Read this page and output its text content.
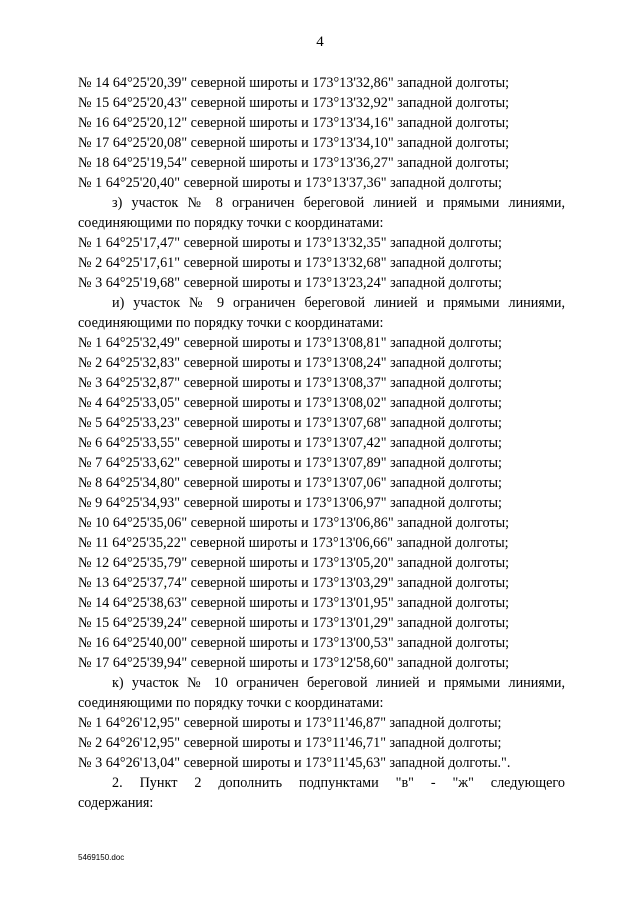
4
№ 14 64°25'20,39" северной широты и 173°13'32,86" западной долготы;
№ 15 64°25'20,43" северной широты и 173°13'32,92" западной долготы;
№ 16 64°25'20,12" северной широты и 173°13'34,16" западной долготы;
№ 17 64°25'20,08" северной широты и 173°13'34,10" западной долготы;
№ 18 64°25'19,54" северной широты и 173°13'36,27" западной долготы;
№ 1 64°25'20,40" северной широты и 173°13'37,36" западной долготы;
з) участок № 8 ограничен береговой линией и прямыми линиями,
соединяющими по порядку точки с координатами:
№ 1 64°25'17,47" северной широты и 173°13'32,35" западной долготы;
№ 2 64°25'17,61" северной широты и 173°13'32,68" западной долготы;
№ 3 64°25'19,68" северной широты и 173°13'23,24" западной долготы;
и) участок № 9 ограничен береговой линией и прямыми линиями,
соединяющими по порядку точки с координатами:
№ 1 64°25'32,49" северной широты и 173°13'08,81" западной долготы;
№ 2 64°25'32,83" северной широты и 173°13'08,24" западной долготы;
№ 3 64°25'32,87" северной широты и 173°13'08,37" западной долготы;
№ 4 64°25'33,05" северной широты и 173°13'08,02" западной долготы;
№ 5 64°25'33,23" северной широты и 173°13'07,68" западной долготы;
№ 6 64°25'33,55" северной широты и 173°13'07,42" западной долготы;
№ 7 64°25'33,62" северной широты и 173°13'07,89" западной долготы;
№ 8 64°25'34,80" северной широты и 173°13'07,06" западной долготы;
№ 9 64°25'34,93" северной широты и 173°13'06,97" западной долготы;
№ 10 64°25'35,06" северной широты и 173°13'06,86" западной долготы;
№ 11 64°25'35,22" северной широты и 173°13'06,66" западной долготы;
№ 12 64°25'35,79" северной широты и 173°13'05,20" западной долготы;
№ 13 64°25'37,74" северной широты и 173°13'03,29" западной долготы;
№ 14 64°25'38,63" северной широты и 173°13'01,95" западной долготы;
№ 15 64°25'39,24" северной широты и 173°13'01,29" западной долготы;
№ 16 64°25'40,00" северной широты и 173°13'00,53" западной долготы;
№ 17 64°25'39,94" северной широты и 173°12'58,60" западной долготы;
к) участок № 10 ограничен береговой линией и прямыми линиями,
соединяющими по порядку точки с координатами:
№ 1 64°26'12,95" северной широты и 173°11'46,87" западной долготы;
№ 2 64°26'12,95" северной широты и 173°11'46,71" западной долготы;
№ 3 64°26'13,04" северной широты и 173°11'45,63" западной долготы.".
2. Пункт 2 дополнить подпунктами "в" - "ж" следующего
содержания:
5469150.doc
